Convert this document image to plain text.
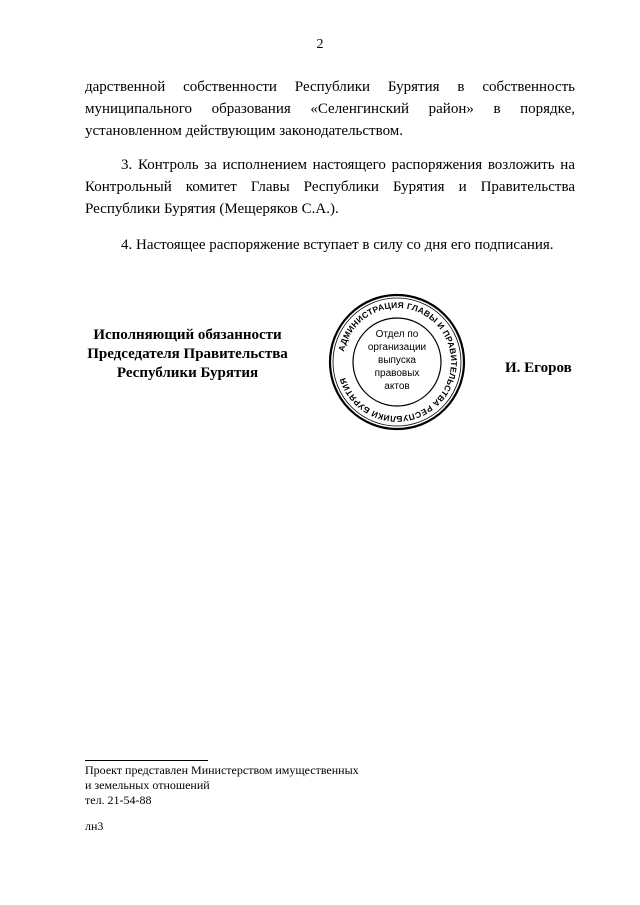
2

дарственной собственности Республики Бурятия в собственность муниципального образования «Селенгинский район» в порядке, установленном действующим законодательством.

3. Контроль за исполнением настоящего распоряжения возложить на Контрольный комитет Главы Республики Бурятия и Правительства Республики Бурятия (Мещеряков С.А.).

4. Настоящее распоряжение вступает в силу со дня его подписания.

Исполняющий обязанности
Председателя Правительства
Республики Бурятия
АДМИНИСТРАЦИЯ ГЛАВЫ И ПРАВИТЕЛЬСТВА РЕСПУБЛИКИ БУРЯТИЯ
Отдел по
организации
выпуска
правовых
актов
И. Егоров
Проект представлен Министерством имущественных
и земельных отношений
тел. 21-54-88
лн3
